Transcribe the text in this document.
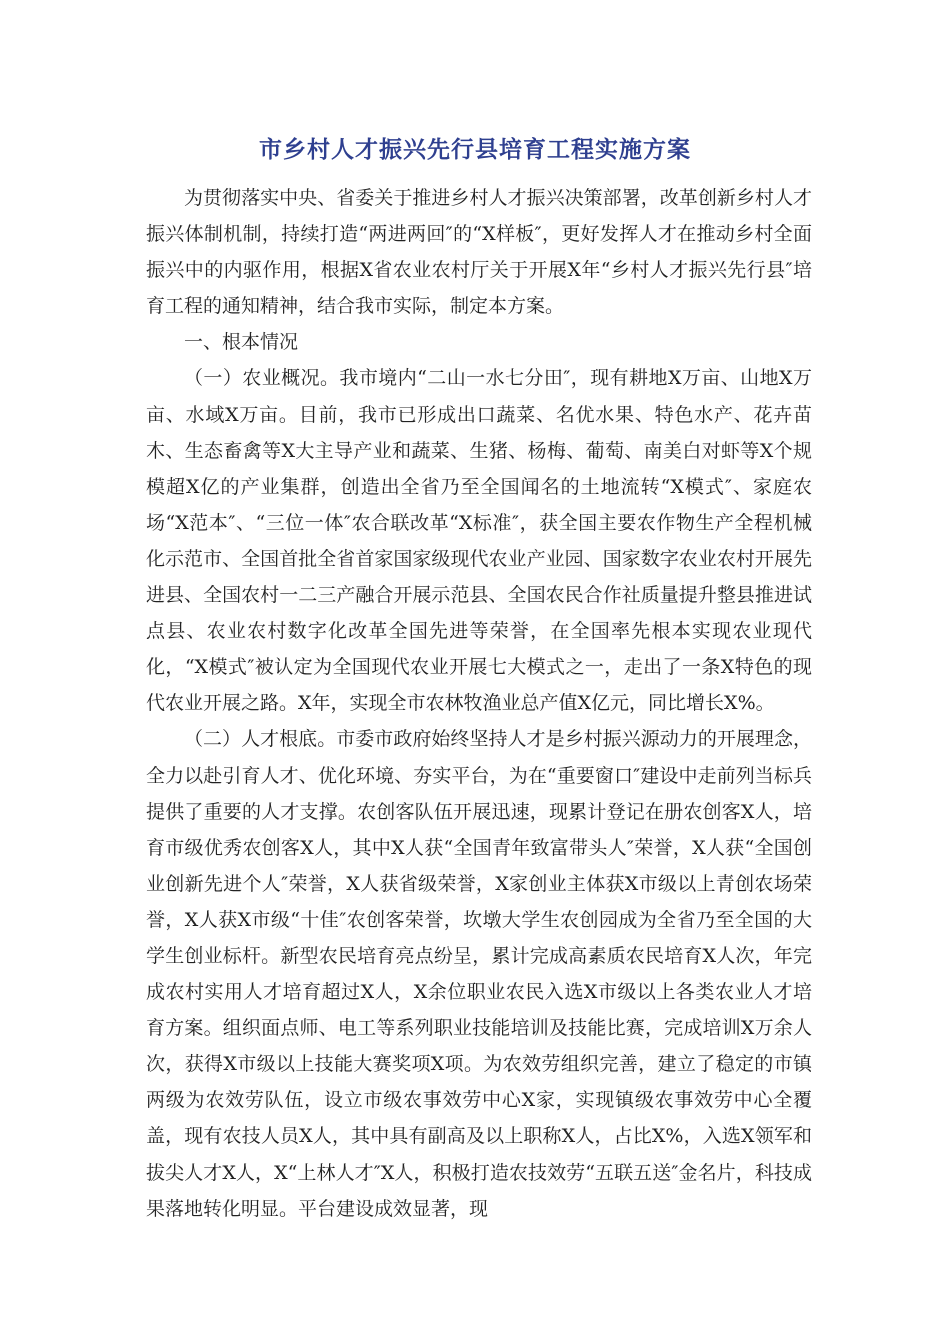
市乡村人才振兴先行县培育工程实施方案

为贯彻落实中央、省委关于推进乡村人才振兴决策部署，改革创新乡村人才振兴体制机制，持续打造“两进两回″的“X样板″，更好发挥人才在推动乡村全面振兴中的内驱作用，根据X省农业农村厅关于开展X年“乡村人才振兴先行县″培育工程的通知精神，结合我市实际，制定本方案。

一、根本情况

（一）农业概况。我市境内“二山一水七分田″，现有耕地X万亩、山地X万亩、水域X万亩。目前，我市已形成出口蔬菜、名优水果、特色水产、花卉苗木、生态畜禽等X大主导产业和蔬菜、生猪、杨梅、葡萄、南美白对虾等X个规模超X亿的产业集群，创造出全省乃至全国闻名的土地流转“X模式″、家庭农场“X范本″、“三位一体″农合联改革“X标准″，获全国主要农作物生产全程机械化示范市、全国首批全省首家国家级现代农业产业园、国家数字农业农村开展先进县、全国农村一二三产融合开展示范县、全国农民合作社质量提升整县推进试点县、农业农村数字化改革全国先进等荣誉，在全国率先根本实现农业现代化，“X模式″被认定为全国现代农业开展七大模式之一，走出了一条X特色的现代农业开展之路。X年，实现全市农林牧渔业总产值X亿元，同比增长X%。

（二）人才根底。市委市政府始终坚持人才是乡村振兴源动力的开展理念，全力以赴引育人才、优化环境、夯实平台，为在“重要窗口″建设中走前列当标兵提供了重要的人才支撑。农创客队伍开展迅速，现累计登记在册农创客X人，培育市级优秀农创客X人，其中X人获“全国青年致富带头人″荣誉，X人获“全国创业创新先进个人″荣誉，X人获省级荣誉，X家创业主体获X市级以上青创农场荣誉，X人获X市级“十佳″农创客荣誉，坎墩大学生农创园成为全省乃至全国的大学生创业标杆。新型农民培育亮点纷呈，累计完成高素质农民培育X人次，年完成农村实用人才培育超过X人，X余位职业农民入选X市级以上各类农业人才培育方案。组织面点师、电工等系列职业技能培训及技能比赛，完成培训X万余人次，获得X市级以上技能大赛奖项X项。为农效劳组织完善，建立了稳定的市镇两级为农效劳队伍，设立市级农事效劳中心X家，实现镇级农事效劳中心全覆盖，现有农技人员X人，其中具有副高及以上职称X人，占比X%，入选X领军和拔尖人才X人，X“上林人才″X人，积极打造农技效劳“五联五送″金名片，科技成果落地转化明显。平台建设成效显著，现
